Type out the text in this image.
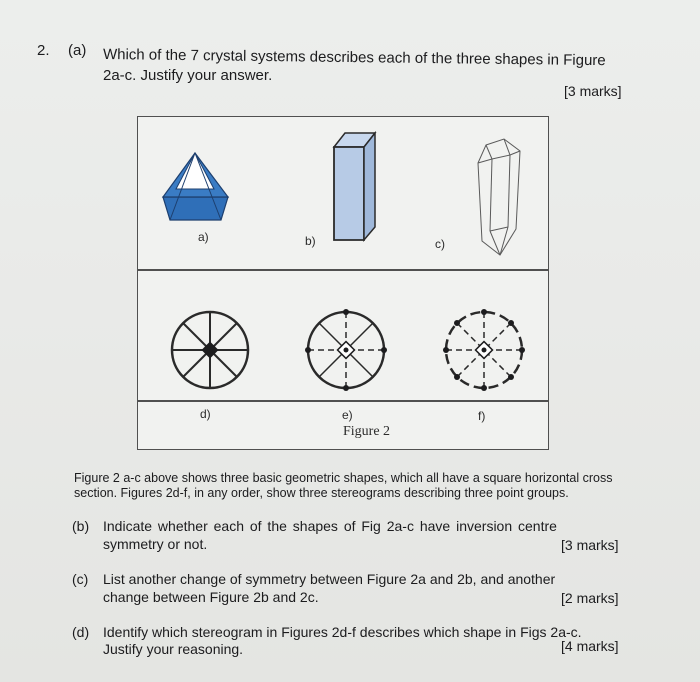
2. (a) Which of the 7 crystal systems describes each of the three shapes in Figure
2a-c. Justify your answer.
[3 marks]
a)	b)	c)
d)	e)	f)
Figure 2
Figure 2 a-c above shows three basic geometric shapes, which all have a square horizontal cross
section. Figures 2d-f, in any order, show three stereograms describing three point groups.
(b) Indicate whether each of the shapes of Fig 2a-c have inversion centre
symmetry or not.	[3 marks]
(c) List another change of symmetry between Figure 2a and 2b, and another
change between Figure 2b and 2c.	[2 marks]
(d) Identify which stereogram in Figures 2d-f describes which shape in Figs 2a-c.
Justify your reasoning.	[4 marks]
